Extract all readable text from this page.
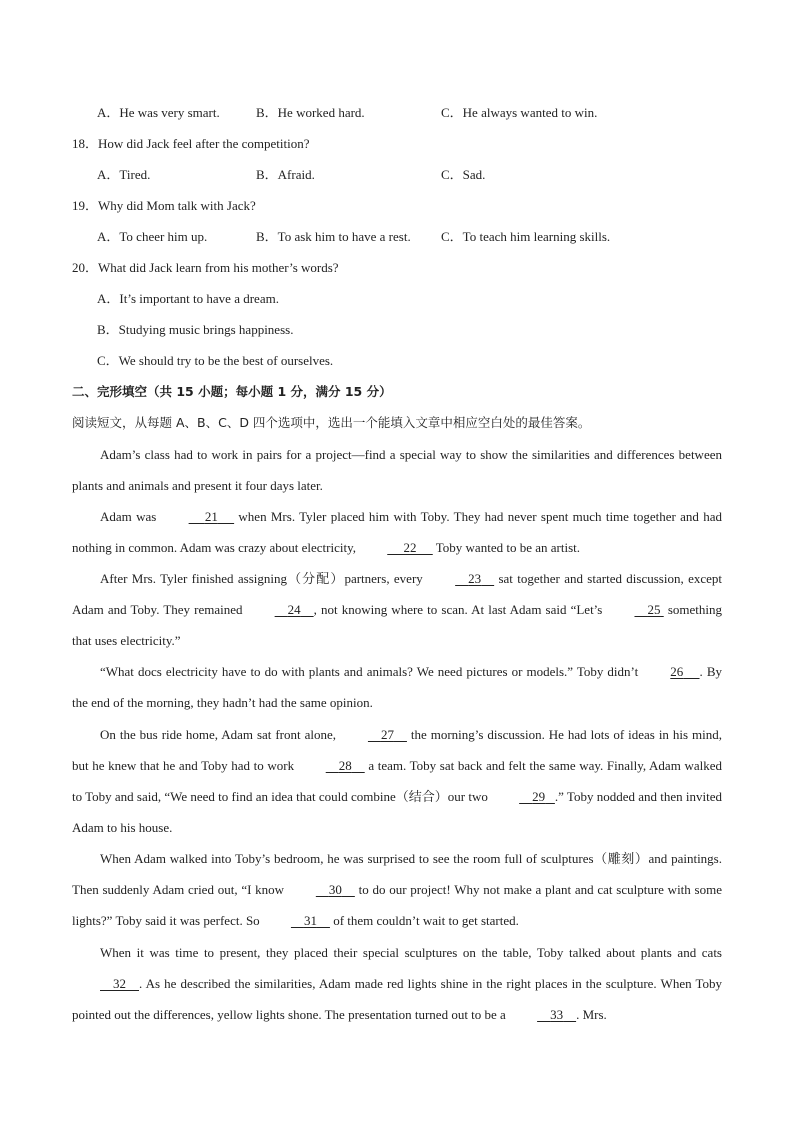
A．He was very smart.	B．He worked hard.	C．He always wanted to win.
18．How did Jack feel after the competition?
A．Tired.	B．Afraid.	C．Sad.
19．Why did Mom talk with Jack?
A．To cheer him up.	B．To ask him to have a rest. C．To teach him learning skills.
20．What did Jack learn from his mother’s words?
A．It’s important to have a dream.
B．Studying music brings happiness.
C．We should try to be the best of ourselves.
二、完形填空（共 15 小题；每小题 1 分，满分 15 分）
阅读短文，从每题 A、B、C、D 四个选项中，选出一个能填入文章中相应空白处的最佳答案。
Adam’s class had to work in pairs for a project—find a special way to show the similarities and differences between plants and animals and present it four days later.
Adam was	21      when Mrs. Tyler placed him with Toby. They had never spent much time together and had nothing in common. Adam was crazy about electricity,	22      Toby wanted to be an artist.
After Mrs. Tyler finished assigning（分配）partners, every	23     sat together and started discussion, except Adam and Toby. They remained	24 , not knowing where to scan. At last Adam said “Let’s	25  something that uses electricity.”
“What docs electricity have to do with plants and animals? We need pictures or models.” Toby didn’t 26 . By the end of the morning, they hadn’t had the same opinion.
On the bus ride home, Adam sat front alone,	27     the morning’s discussion. He had lots of ideas in his mind, but he knew that he and Toby had to work	28     a team. Toby sat back and felt the same way. Finally, Adam walked to Toby and said, “We need to find an idea that could combine（结合）our two	29 .” Toby nodded and then invited Adam to his house.
When Adam walked into Toby’s bedroom, he was surprised to see the room full of sculptures（雕刻）and paintings. Then suddenly Adam cried out, “I know	30     to do our project! Why not make a plant and cat sculpture with some lights?” Toby said it was perfect. So	31     of them couldn’t wait to get started.
When it was time to present, they placed their special sculptures on the table, Toby talked about plants and cats     32 . As he described the similarities, Adam made red lights shine in the right places in the sculpture. When Toby pointed out the differences, yellow lights shone. The presentation turned out to be a	33 . Mrs.
